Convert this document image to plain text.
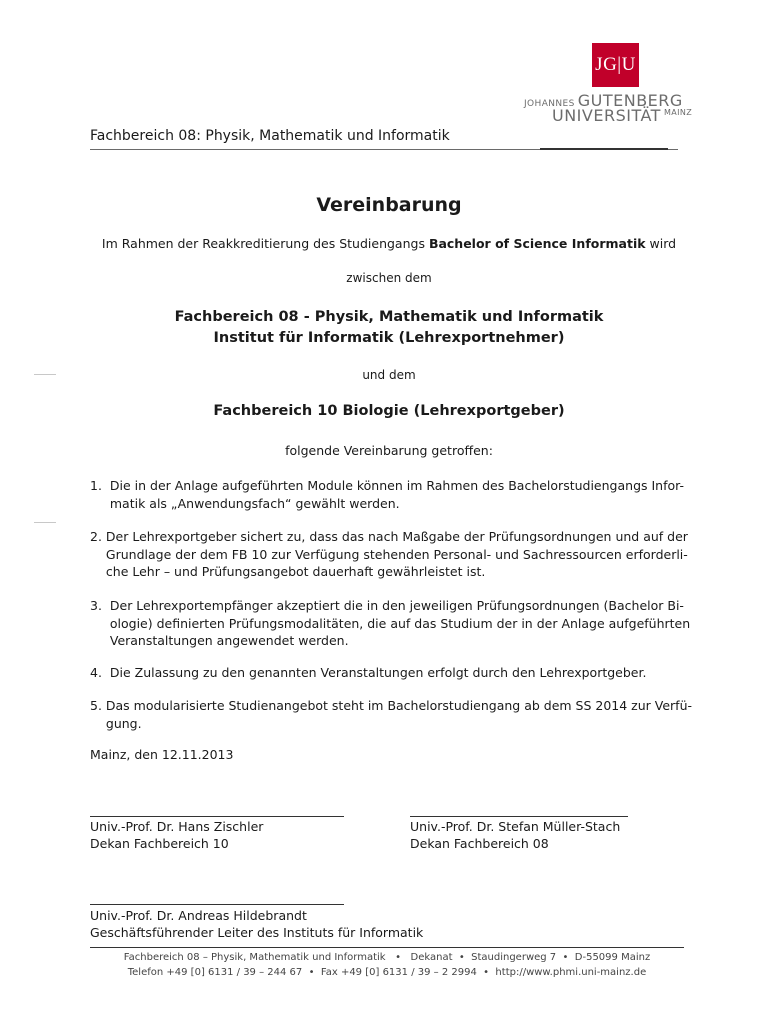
JG|U
JOHANNES GUTENBERG
UNIVERSITÄT $^{MAINZ}$
Fachbereich 08: Physik, Mathematik und Informatik
Vereinbarung
Im Rahmen der Reakkreditierung des Studiengangs Bachelor of Science Informatik wird
zwischen dem
Fachbereich 08 - Physik, Mathematik und Informatik
Institut für Informatik (Lehrexportnehmer)
und dem
Fachbereich 10 Biologie (Lehrexportgeber)
folgende Vereinbarung getroffen:
1.  Die in der Anlage aufgeführten Module können im Rahmen des Bachelorstudiengangs Infor-
matik als „Anwendungsfach“ gewählt werden.
2. Der Lehrexportgeber sichert zu, dass das nach Maßgabe der Prüfungsordnungen und auf der
Grundlage der dem FB 10 zur Verfügung stehenden Personal- und Sachressourcen erforderli-
che Lehr – und Prüfungsangebot dauerhaft gewährleistet ist.
3.  Der Lehrexportempfänger akzeptiert die in den jeweiligen Prüfungsordnungen (Bachelor Bi-
ologie) definierten Prüfungsmodalitäten, die auf das Studium der in der Anlage aufgeführten
Veranstaltungen angewendet werden.
4.  Die Zulassung zu den genannten Veranstaltungen erfolgt durch den Lehrexportgeber.
5. Das modularisierte Studienangebot steht im Bachelorstudiengang ab dem SS 2014 zur Verfü-
gung.
Mainz, den 12.11.2013
Univ.-Prof. Dr. Hans Zischler
Dekan Fachbereich 10
Univ.-Prof. Dr. Stefan Müller-Stach
Dekan Fachbereich 08
Univ.-Prof. Dr. Andreas Hildebrandt
Geschäftsführender Leiter des Instituts für Informatik
Fachbereich 08 – Physik, Mathematik und Informatik   •   Dekanat  •  Staudingerweg 7  •  D-55099 Mainz
Telefon +49 [0] 6131 / 39 – 244 67  •  Fax +49 [0] 6131 / 39 – 2 2994  •  http://www.phmi.uni-mainz.de
